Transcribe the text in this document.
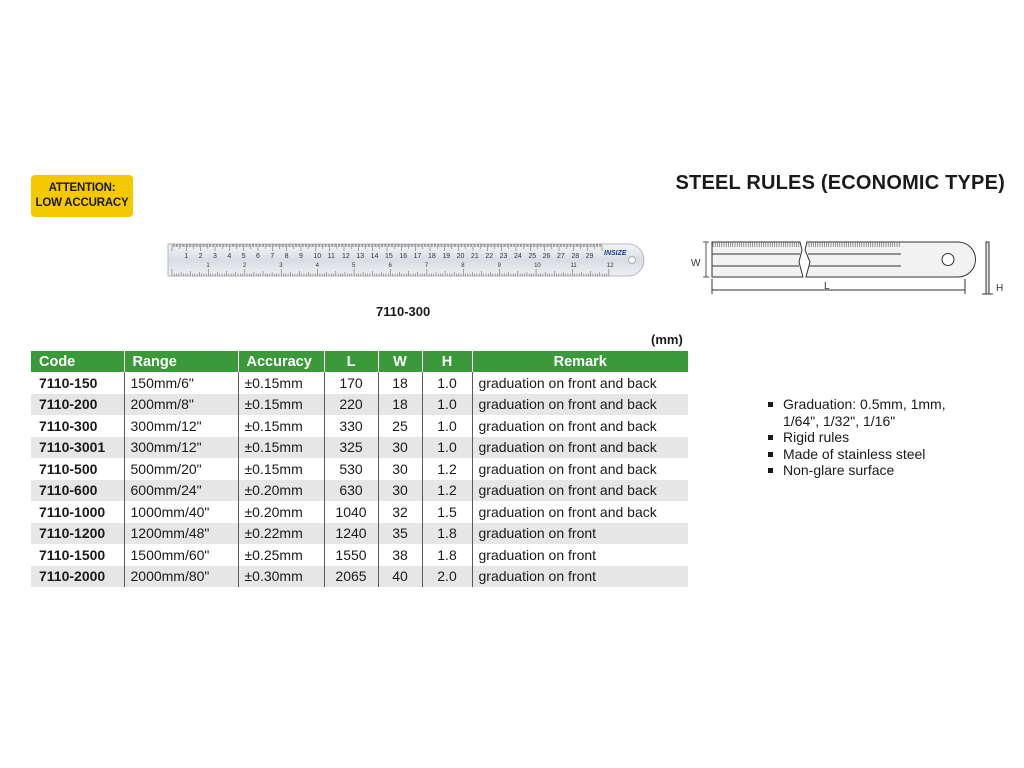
ATTENTION:
LOW ACCURACY
STEEL RULES (ECONOMIC TYPE)
1 2 3 4 5 6 7 8 9 10 11 12 13 14 15 16 17 18 19 20 21 22 23 24 25 26 27 28 29
1	2	3	4	5	6	7	8	9	10	11	12
INSIZE
7110-300
W
L	H
(mm)
Code	Range	Accuracy	L	W	H	Remark
7110-150	150mm/6"	±0.15mm	170	18	1.0	graduation on front and back
7110-200	200mm/8"	±0.15mm	220	18	1.0	graduation on front and back
7110-300	300mm/12"	±0.15mm	330	25	1.0	graduation on front and back
7110-3001	300mm/12"	±0.15mm	325	30	1.0	graduation on front and back
7110-500	500mm/20"	±0.15mm	530	30	1.2	graduation on front and back
7110-600	600mm/24"	±0.20mm	630	30	1.2	graduation on front and back
7110-1000	1000mm/40"	±0.20mm	1040	32	1.5	graduation on front and back
7110-1200	1200mm/48"	±0.22mm	1240	35	1.8	graduation on front
7110-1500	1500mm/60"	±0.25mm	1550	38	1.8	graduation on front
7110-2000	2000mm/80"	±0.30mm	2065	40	2.0	graduation on front
Graduation: 0.5mm, 1mm, 1/64", 1/32", 1/16"
Rigid rules
Made of stainless steel
Non-glare surface
